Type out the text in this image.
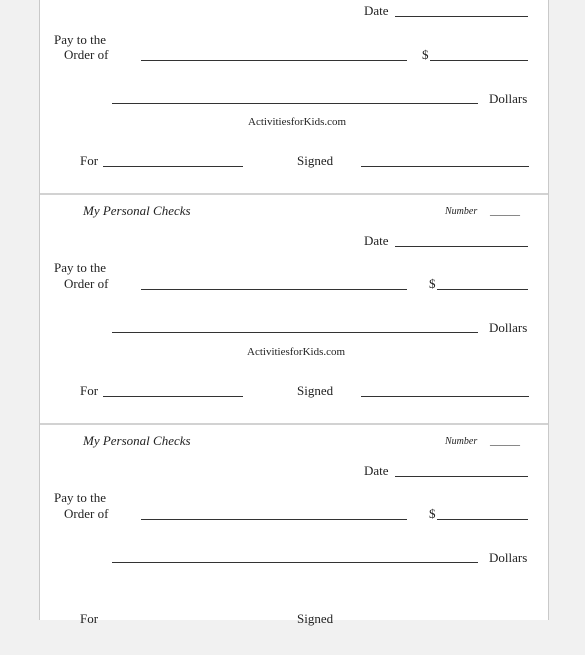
Date
Pay to the
Order of	$
Dollars
ActivitiesforKids.com
For	Signed
My Personal Checks	Number ______
Date
Pay to the
Order of	$
Dollars
ActivitiesforKids.com
For	Signed
My Personal Checks	Number ______
Date
Pay to the
Order of	$
Dollars
For	Signed
